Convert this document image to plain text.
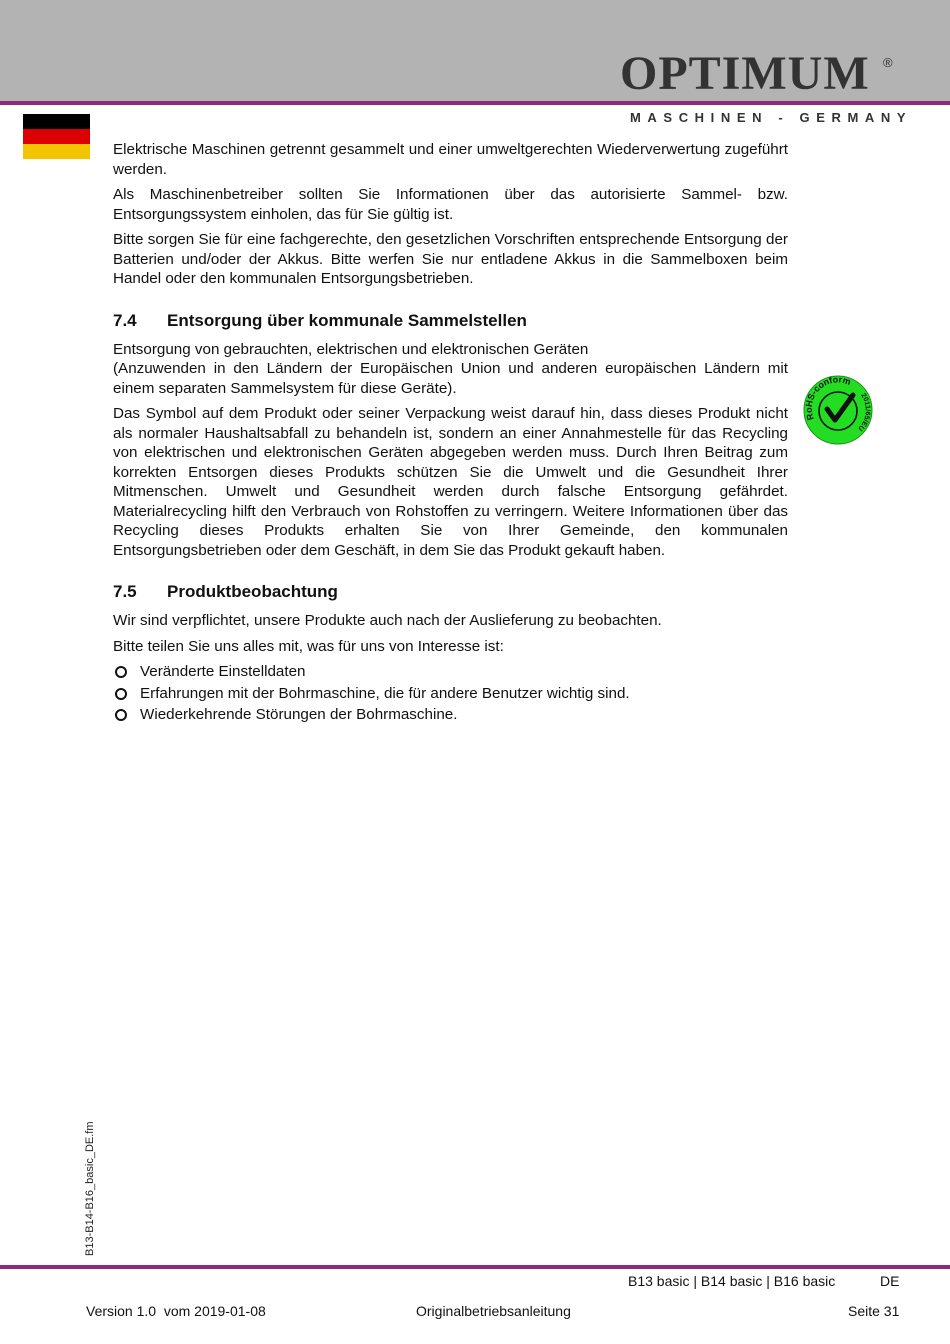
OPTIMUM ®
MASCHINEN - GERMANY

Elektrische Maschinen getrennt gesammelt und einer umweltgerechten Wiederverwertung zugeführt werden.

Als Maschinenbetreiber sollten Sie Informationen über das autorisierte Sammel- bzw. Entsorgungssystem einholen, das für Sie gültig ist.

Bitte sorgen Sie für eine fachgerechte, den gesetzlichen Vorschriften entsprechende Entsorgung der Batterien und/oder der Akkus. Bitte werfen Sie nur entladene Akkus in die Sammelboxen beim Handel oder den kommunalen Entsorgungsbetrieben.

7.4 Entsorgung über kommunale Sammelstellen

Entsorgung von gebrauchten, elektrischen und elektronischen Geräten
(Anzuwenden in den Ländern der Europäischen Union und anderen europäischen Ländern mit einem separaten Sammelsystem für diese Geräte).

Das Symbol auf dem Produkt oder seiner Verpackung weist darauf hin, dass dieses Produkt nicht als normaler Haushaltsabfall zu behandeln ist, sondern an einer Annahmestelle für das Recycling von elektrischen und elektronischen Geräten abgegeben werden muss. Durch Ihren Beitrag zum korrekten Entsorgen dieses Produkts schützen Sie die Umwelt und die Gesundheit Ihrer Mitmenschen. Umwelt und Gesundheit werden durch falsche Entsorgung gefährdet. Materialrecycling hilft den Verbrauch von Rohstoffen zu verringern. Weitere Informationen über das Recycling dieses Produkts erhalten Sie von Ihrer Gemeinde, den kommunalen Entsorgungsbetrieben oder dem Geschäft, in dem Sie das Produkt gekauft haben.

7.5 Produktbeobachtung

Wir sind verpflichtet, unsere Produkte auch nach der Auslieferung zu beobachten.

Bitte teilen Sie uns alles mit, was für uns von Interesse ist:

Veränderte Einstelldaten
Erfahrungen mit der Bohrmaschine, die für andere Benutzer wichtig sind.
Wiederkehrende Störungen der Bohrmaschine.
RoHS-conform
2011/65/EU
B13-B14-B16_basic_DE.fm
B13 basic | B14 basic | B16 basic	DE
Version 1.0  vom 2019-01-08	Originalbetriebsanleitung	Seite 31
